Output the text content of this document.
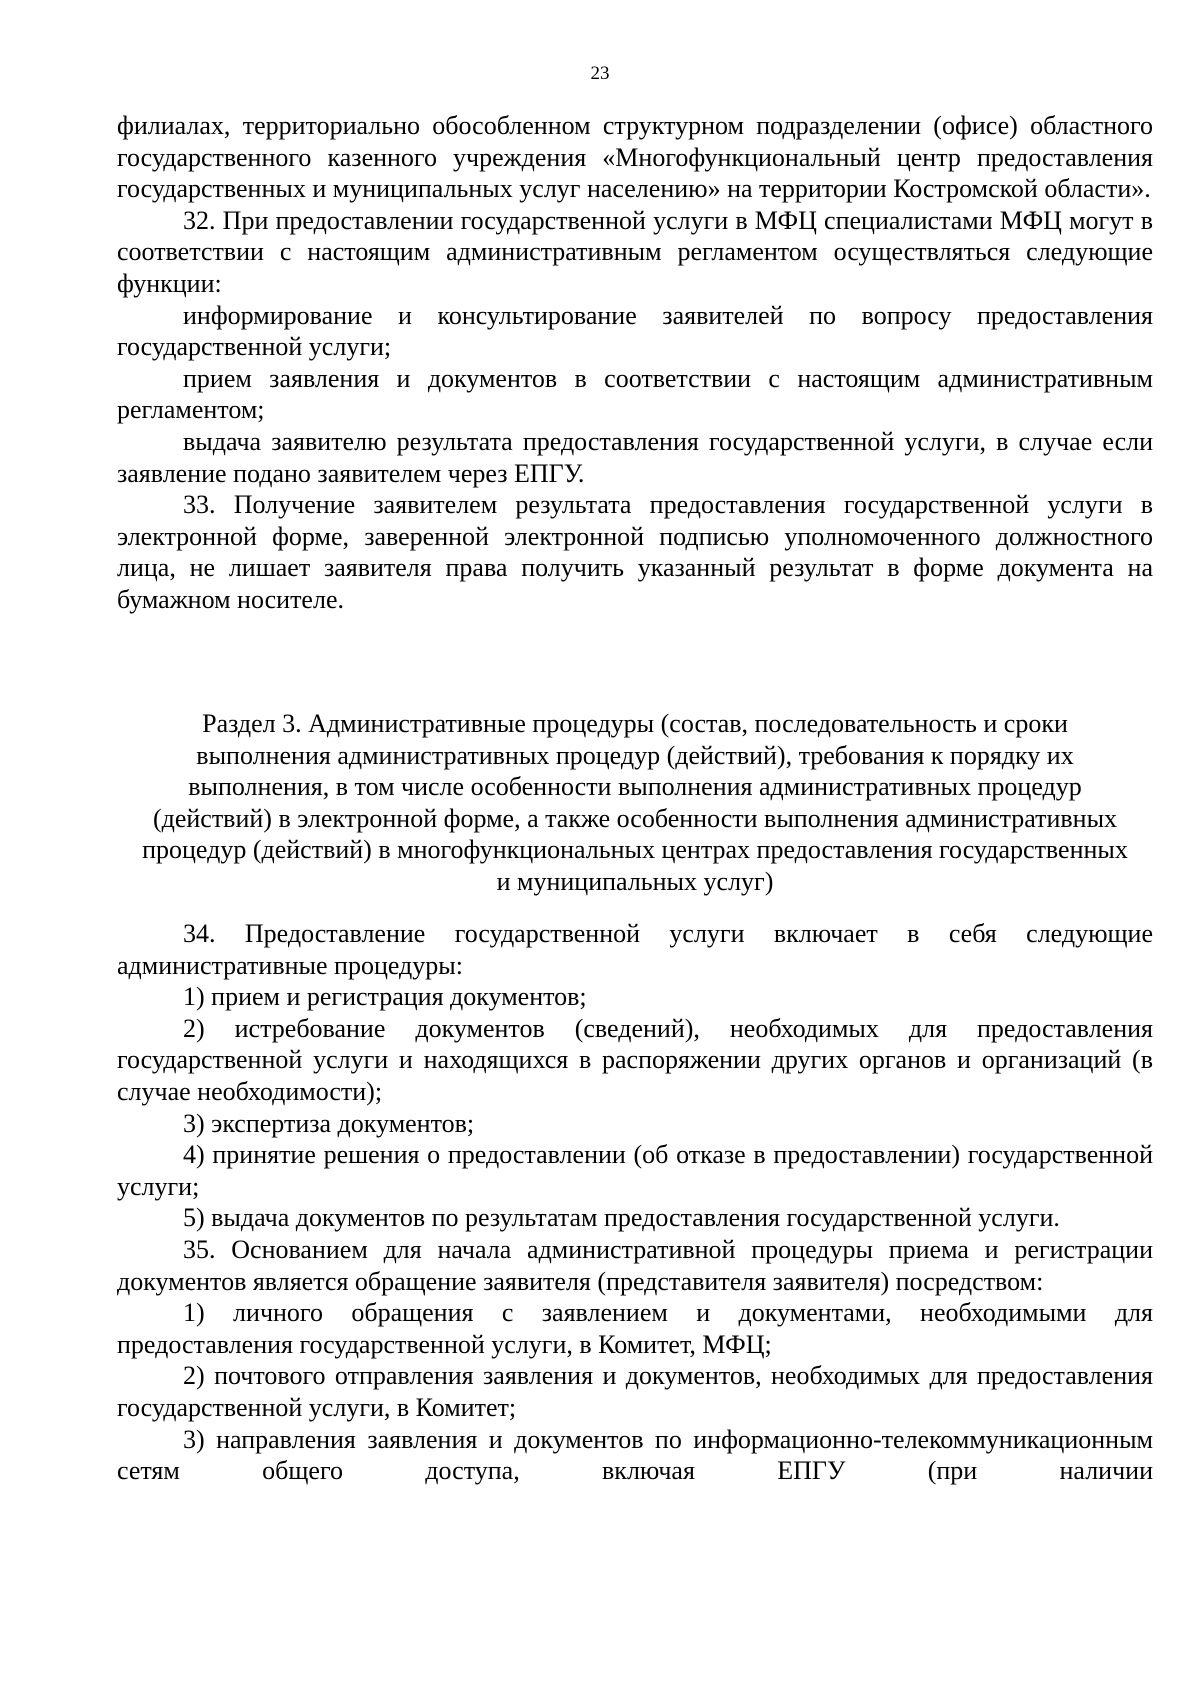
23

филиалах, территориально обособленном структурном подразделении (офисе) областного государственного казенного учреждения «Многофункциональный центр предоставления государственных и муниципальных услуг населению» на территории Костромской области».

32. При предоставлении государственной услуги в МФЦ специалистами МФЦ могут в соответствии с настоящим административным регламентом осуществляться следующие функции:

информирование и консультирование заявителей по вопросу предоставления государственной услуги;

прием заявления и документов в соответствии с настоящим административным регламентом;

выдача заявителю результата предоставления государственной услуги, в случае если заявление подано заявителем через ЕПГУ.

33. Получение заявителем результата предоставления государственной услуги в электронной форме, заверенной электронной подписью уполномоченного должностного лица, не лишает заявителя права получить указанный результат в форме документа на бумажном носителе.

Раздел 3. Административные процедуры (состав, последовательность и сроки выполнения административных процедур (действий), требования к порядку их выполнения, в том числе особенности выполнения административных процедур (действий) в электронной форме, а также особенности выполнения административных процедур (действий) в многофункциональных центрах предоставления государственных и муниципальных услуг)

34. Предоставление государственной услуги включает в себя следующие административные процедуры:

1) прием и регистрация документов;

2) истребование документов (сведений), необходимых для предоставления государственной услуги и находящихся в распоряжении других органов и организаций (в случае необходимости);

3) экспертиза документов;

4) принятие решения о предоставлении (об отказе в предоставлении) государственной услуги;

5) выдача документов по результатам предоставления государственной услуги.

35. Основанием для начала административной процедуры приема и регистрации документов является обращение заявителя (представителя заявителя) посредством:

1) личного обращения с заявлением и документами, необходимыми для предоставления государственной услуги, в Комитет, МФЦ;

2) почтового отправления заявления и документов, необходимых для предоставления государственной услуги, в Комитет;

3) направления заявления и документов по информационно-телекоммуникационным сетям общего доступа, включая ЕПГУ (при наличии
